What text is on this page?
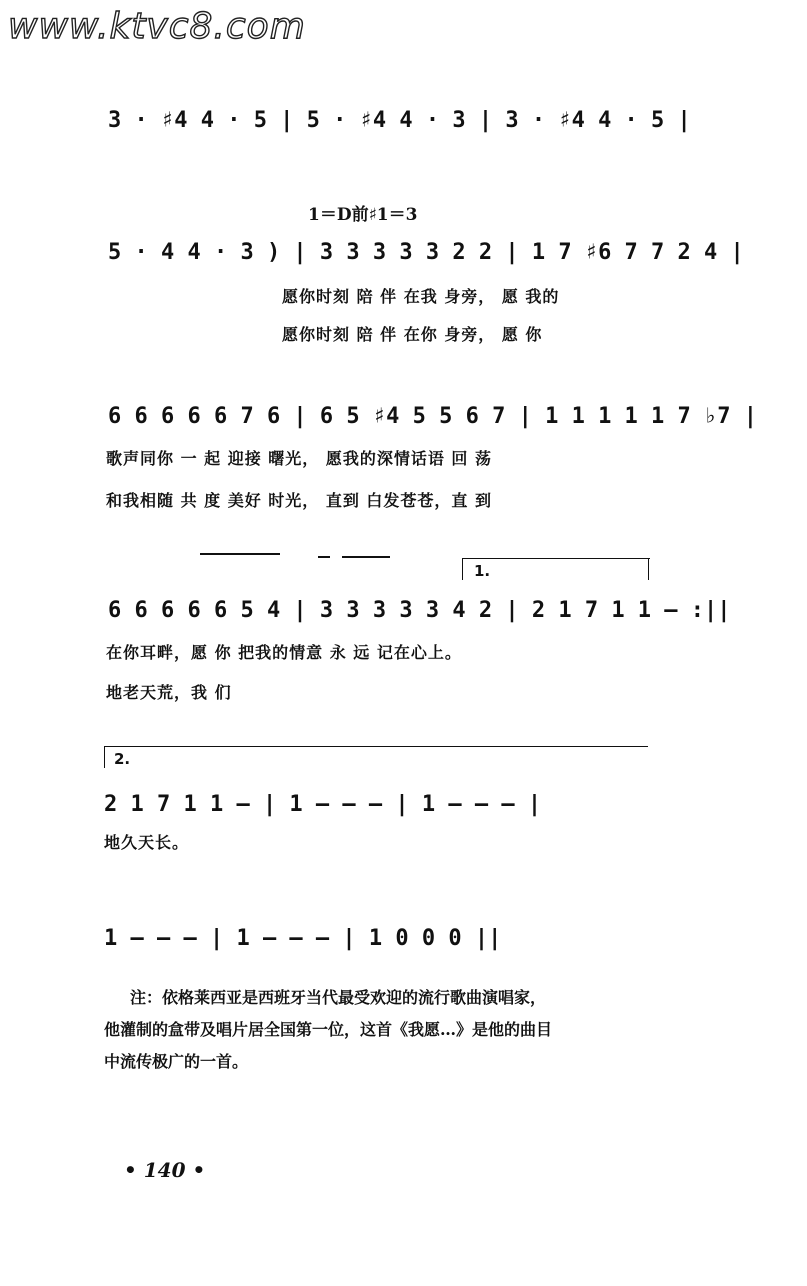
www.ktvc8.com
3 · ♯4 4 · 5 | 5 · ♯4 4 · 3 | 3 · ♯4 4 · 5 |
1＝D前♯1＝3
5 · 4 4 · 3 ) | 3 3 3 3 3 2 2 | 1 7 ♯6 7 7 2 4 |
愿你时刻 陪 伴 在我 身旁， 愿 我的
愿你时刻 陪 伴 在你 身旁， 愿 你
6 6 6 6 6 7 6 | 6 5 ♯4 5 5 6 7 | 1 1 1 1 1 7 ♭7 |
歌声同你 一 起 迎接 曙光， 愿我的深情话语 回 荡
和我相随 共 度 美好 时光， 直到 白发苍苍，直 到
1.
6 6 6 6 6 5 4 | 3 3 3 3 3 4 2 | 2 1 7 1 1 — :||
在你耳畔，愿 你 把我的情意 永 远 记在心上。
地老天荒，我 们
2.
2 1 7 1 1 — | 1 — — — | 1 — — — |
地久天长。
1 — — — | 1 — — — | 1 0 0 0 ||
注：依格莱西亚是西班牙当代最受欢迎的流行歌曲演唱家，
他灌制的盒带及唱片居全国第一位，这首《我愿…》是他的曲目
中流传极广的一首。
• 140 •
